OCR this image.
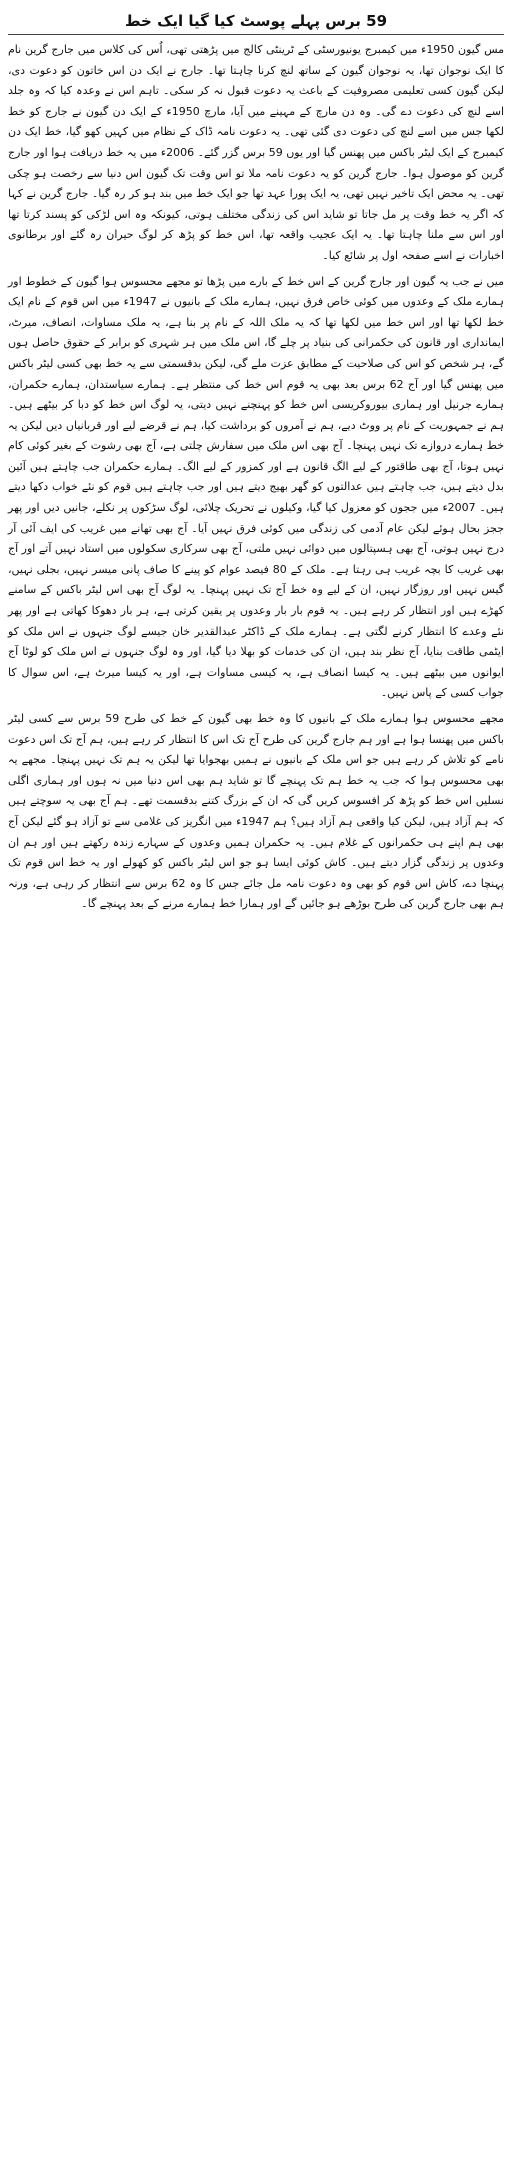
59 برس پہلے پوسٹ کیا گیا ایک خط

مس گیون 1950ء میں کیمبرج یونیورسٹی کے ٹرینٹی کالج میں پڑھتی تھی، اُس کی کلاس میں جارج گرین نام کا ایک نوجوان تھا، یہ نوجوان گیون کے ساتھ لنچ کرنا چاہتا تھا۔ جارج نے ایک دن اس خاتون کو دعوت دی، لیکن گیون کسی تعلیمی مصروفیت کے باعث یہ دعوت قبول نہ کر سکی۔ تاہم اس نے وعدہ کیا کہ وہ جلد اسے لنچ کی دعوت دے گی۔ وہ دن مارچ کے مہینے میں آیا، مارچ 1950ء کے ایک دن گیون نے جارج کو خط لکھا جس میں اسے لنچ کی دعوت دی گئی تھی۔ یہ دعوت نامہ ڈاک کے نظام میں کہیں کھو گیا، خط ایک دن کیمبرج کے ایک لیٹر باکس میں پھنس گیا اور یوں 59 برس گزر گئے۔ 2006ء میں یہ خط دریافت ہوا اور جارج گرین کو موصول ہوا۔ جارج گرین کو یہ دعوت نامہ ملا تو اس وقت تک گیون اس دنیا سے رخصت ہو چکی تھی۔ یہ محض ایک تاخیر نہیں تھی، یہ ایک پورا عہد تھا جو ایک خط میں بند ہو کر رہ گیا۔ جارج گرین نے کہا کہ اگر یہ خط وقت پر مل جاتا تو شاید اس کی زندگی مختلف ہوتی، کیونکہ وہ اس لڑکی کو پسند کرتا تھا اور اس سے ملنا چاہتا تھا۔ یہ ایک عجیب واقعہ تھا، اس خط کو پڑھ کر لوگ حیران رہ گئے اور برطانوی اخبارات نے اسے صفحہ اول پر شائع کیا۔

میں نے جب یہ گیون اور جارج گرین کے اس خط کے بارے میں پڑھا تو مجھے محسوس ہوا گیون کے خطوط اور ہمارے ملک کے وعدوں میں کوئی خاص فرق نہیں، ہمارے ملک کے بانیوں نے 1947ء میں اس قوم کے نام ایک خط لکھا تھا اور اس خط میں لکھا تھا کہ یہ ملک اللہ کے نام پر بنا ہے، یہ ملک مساوات، انصاف، میرٹ، ایمانداری اور قانون کی حکمرانی کی بنیاد پر چلے گا، اس ملک میں ہر شہری کو برابر کے حقوق حاصل ہوں گے، ہر شخص کو اس کی صلاحیت کے مطابق عزت ملے گی، لیکن بدقسمتی سے یہ خط بھی کسی لیٹر باکس میں پھنس گیا اور آج 62 برس بعد بھی یہ قوم اس خط کی منتظر ہے۔ ہمارے سیاستدان، ہمارے حکمران، ہمارے جرنیل اور ہماری بیوروکریسی اس خط کو پہنچنے نہیں دیتی، یہ لوگ اس خط کو دبا کر بیٹھے ہیں۔ ہم نے جمہوریت کے نام پر ووٹ دیے، ہم نے آمروں کو برداشت کیا، ہم نے قرضے لیے اور قربانیاں دیں لیکن یہ خط ہمارے دروازے تک نہیں پہنچا۔ آج بھی اس ملک میں سفارش چلتی ہے، آج بھی رشوت کے بغیر کوئی کام نہیں ہوتا، آج بھی طاقتور کے لیے الگ قانون ہے اور کمزور کے لیے الگ۔ ہمارے حکمران جب چاہتے ہیں آئین بدل دیتے ہیں، جب چاہتے ہیں عدالتوں کو گھر بھیج دیتے ہیں اور جب چاہتے ہیں قوم کو نئے خواب دکھا دیتے ہیں۔ 2007ء میں ججوں کو معزول کیا گیا، وکیلوں نے تحریک چلائی، لوگ سڑکوں پر نکلے، جانیں دیں اور پھر ججز بحال ہوئے لیکن عام آدمی کی زندگی میں کوئی فرق نہیں آیا۔ آج بھی تھانے میں غریب کی ایف آئی آر درج نہیں ہوتی، آج بھی ہسپتالوں میں دوائی نہیں ملتی، آج بھی سرکاری سکولوں میں استاد نہیں آتے اور آج بھی غریب کا بچہ غریب ہی رہتا ہے۔ ملک کے 80 فیصد عوام کو پینے کا صاف پانی میسر نہیں، بجلی نہیں، گیس نہیں اور روزگار نہیں، ان کے لیے وہ خط آج تک نہیں پہنچا۔ یہ لوگ آج بھی اس لیٹر باکس کے سامنے کھڑے ہیں اور انتظار کر رہے ہیں۔ یہ قوم بار بار وعدوں پر یقین کرتی ہے، ہر بار دھوکا کھاتی ہے اور پھر نئے وعدے کا انتظار کرنے لگتی ہے۔ ہمارے ملک کے ڈاکٹر عبدالقدیر خان جیسے لوگ جنہوں نے اس ملک کو ایٹمی طاقت بنایا، آج نظر بند ہیں، ان کی خدمات کو بھلا دیا گیا، اور وہ لوگ جنہوں نے اس ملک کو لوٹا آج ایوانوں میں بیٹھے ہیں۔ یہ کیسا انصاف ہے، یہ کیسی مساوات ہے، اور یہ کیسا میرٹ ہے، اس سوال کا جواب کسی کے پاس نہیں۔

مجھے محسوس ہوا ہمارے ملک کے بانیوں کا وہ خط بھی گیون کے خط کی طرح 59 برس سے کسی لیٹر باکس میں پھنسا ہوا ہے اور ہم جارج گرین کی طرح آج تک اس کا انتظار کر رہے ہیں، ہم آج تک اس دعوت نامے کو تلاش کر رہے ہیں جو اس ملک کے بانیوں نے ہمیں بھجوایا تھا لیکن یہ ہم تک نہیں پہنچا۔ مجھے یہ بھی محسوس ہوا کہ جب یہ خط ہم تک پہنچے گا تو شاید ہم بھی اس دنیا میں نہ ہوں اور ہماری اگلی نسلیں اس خط کو پڑھ کر افسوس کریں گی کہ ان کے بزرگ کتنے بدقسمت تھے۔ ہم آج بھی یہ سوچتے ہیں کہ ہم آزاد ہیں، لیکن کیا واقعی ہم آزاد ہیں؟ ہم 1947ء میں انگریز کی غلامی سے تو آزاد ہو گئے لیکن آج بھی ہم اپنے ہی حکمرانوں کے غلام ہیں۔ یہ حکمران ہمیں وعدوں کے سہارے زندہ رکھتے ہیں اور ہم ان وعدوں پر زندگی گزار دیتے ہیں۔ کاش کوئی ایسا ہو جو اس لیٹر باکس کو کھولے اور یہ خط اس قوم تک پہنچا دے، کاش اس قوم کو بھی وہ دعوت نامہ مل جائے جس کا وہ 62 برس سے انتظار کر رہی ہے، ورنہ ہم بھی جارج گرین کی طرح بوڑھے ہو جائیں گے اور ہمارا خط ہمارے مرنے کے بعد پہنچے گا۔
